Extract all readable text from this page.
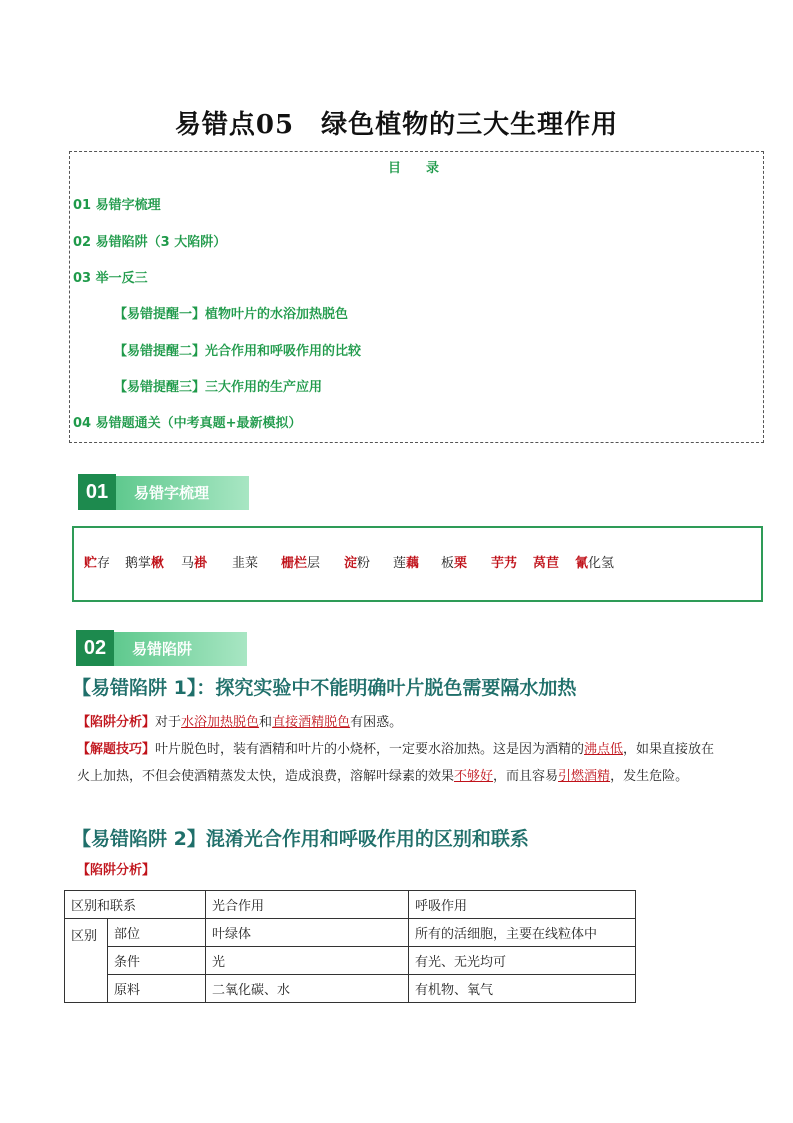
易错点05　绿色植物的三大生理作用
目　录
01 易错字梳理
02 易错陷阱（3 大陷阱）
03 举一反三
【易错提醒一】植物叶片的水浴加热脱色
【易错提醒二】光合作用和呼吸作用的比较
【易错提醒三】三大作用的生产应用
04 易错题通关（中考真题+最新模拟）
01	易错字梳理
贮存 鹅掌楸 马褂 韭菜 栅栏层 淀粉 莲藕 板栗 芋艿 莴苣 氰化氢
02	易错陷阱
【易错陷阱 1】：探究实验中不能明确叶片脱色需要隔水加热
【陷阱分析】对于水浴加热脱色和直接酒精脱色有困惑。
【解题技巧】叶片脱色时，装有酒精和叶片的小烧杯，一定要水浴加热。这是因为酒精的沸点低，如果直接放在火上加热，不但会使酒精蒸发太快，造成浪费，溶解叶绿素的效果不够好，而且容易引燃酒精，发生危险。
【易错陷阱 2】混淆光合作用和呼吸作用的区别和联系
【陷阱分析】
区别和联系		光合作用	呼吸作用
区别	部位	叶绿体	所有的活细胞，主要在线粒体中
	条件	光	有光、无光均可
	原料	二氧化碳、水	有机物、氧气
